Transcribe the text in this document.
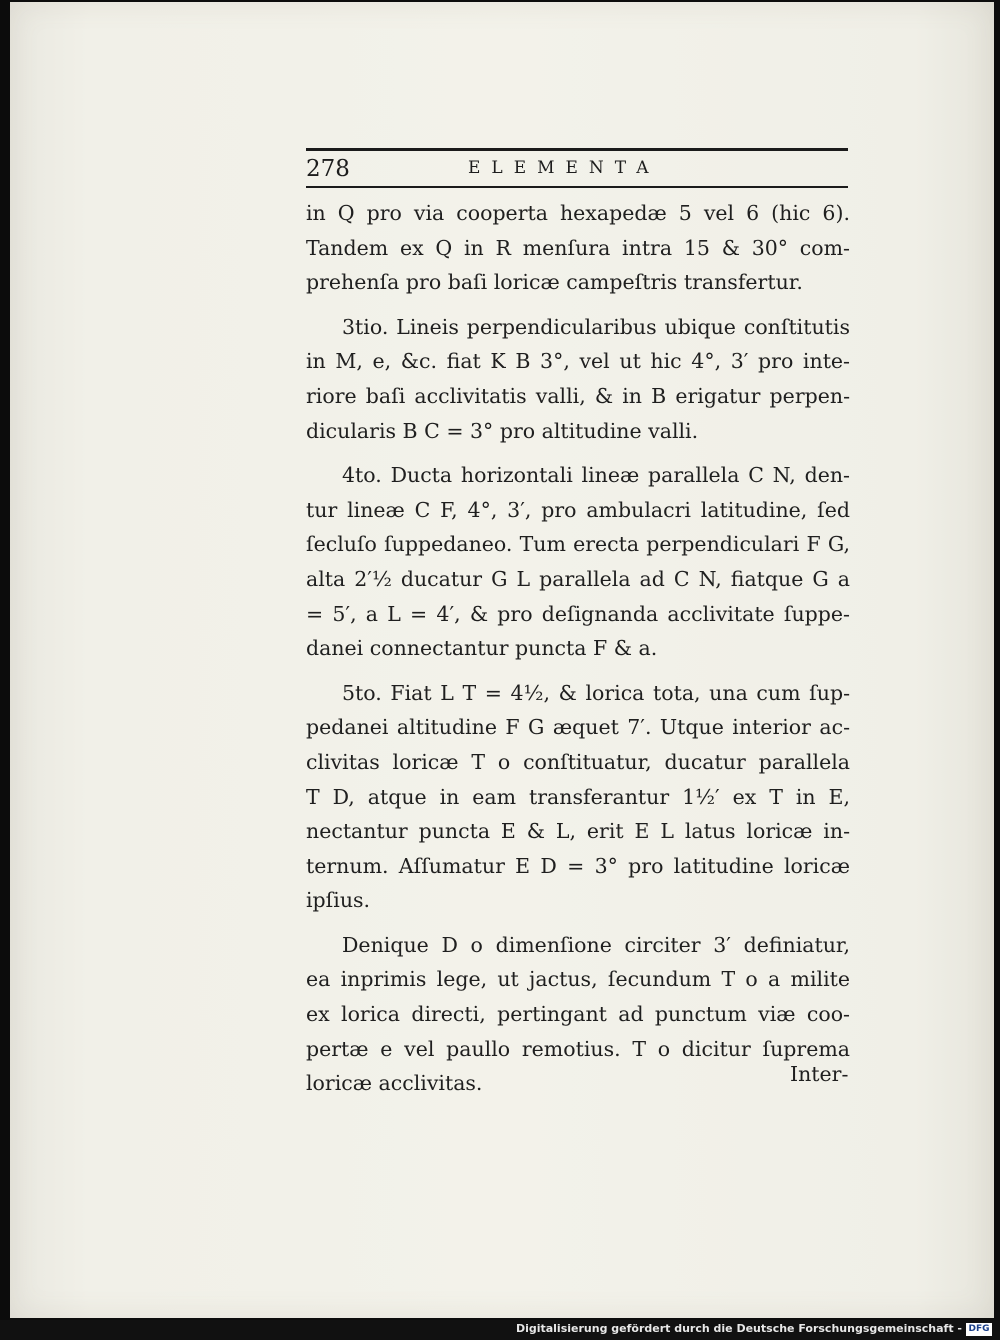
278	ELEMENTA
in Q pro via cooperta hexapedæ 5 vel 6 (hic 6).
Tandem ex Q in R menſura intra 15 & 30° com-
prehenſa pro baſi loricæ campeſtris transfertur.
3tio. Lineis perpendicularibus ubique conſtitutis
in M, e, &c. fiat K B 3°, vel ut hic 4°, 3′ pro inte-
riore baſi acclivitatis valli, & in B erigatur perpen-
dicularis B C = 3° pro altitudine valli.
4to. Ducta horizontali lineæ parallela C N, den-
tur lineæ C F, 4°, 3′, pro ambulacri latitudine, ſed
ſecluſo ſuppedaneo. Tum erecta perpendiculari F G,
alta 2′½ ducatur G L parallela ad C N, fiatque G a
= 5′, a L = 4′, & pro deſignanda acclivitate ſuppe-
danei connectantur puncta F & a.
5to. Fiat L T = 4½, & lorica tota, una cum ſup-
pedanei altitudine F G æquet 7′. Utque interior ac-
clivitas loricæ T o conſtituatur, ducatur parallela
T D, atque in eam transferantur 1½′ ex T in E,
nectantur puncta E & L, erit E L latus loricæ in-
ternum. Aſſumatur E D = 3° pro latitudine loricæ
ipſius.
Denique D o dimenſione circiter 3′ definiatur,
ea inprimis lege, ut jactus, ſecundum T o a milite
ex lorica directi, pertingant ad punctum viæ coo-
pertæ e vel paullo remotius. T o dicitur ſuprema
loricæ acclivitas.	Inter-
Digitalisierung gefördert durch die Deutsche Forschungsgemeinschaft - DFG
